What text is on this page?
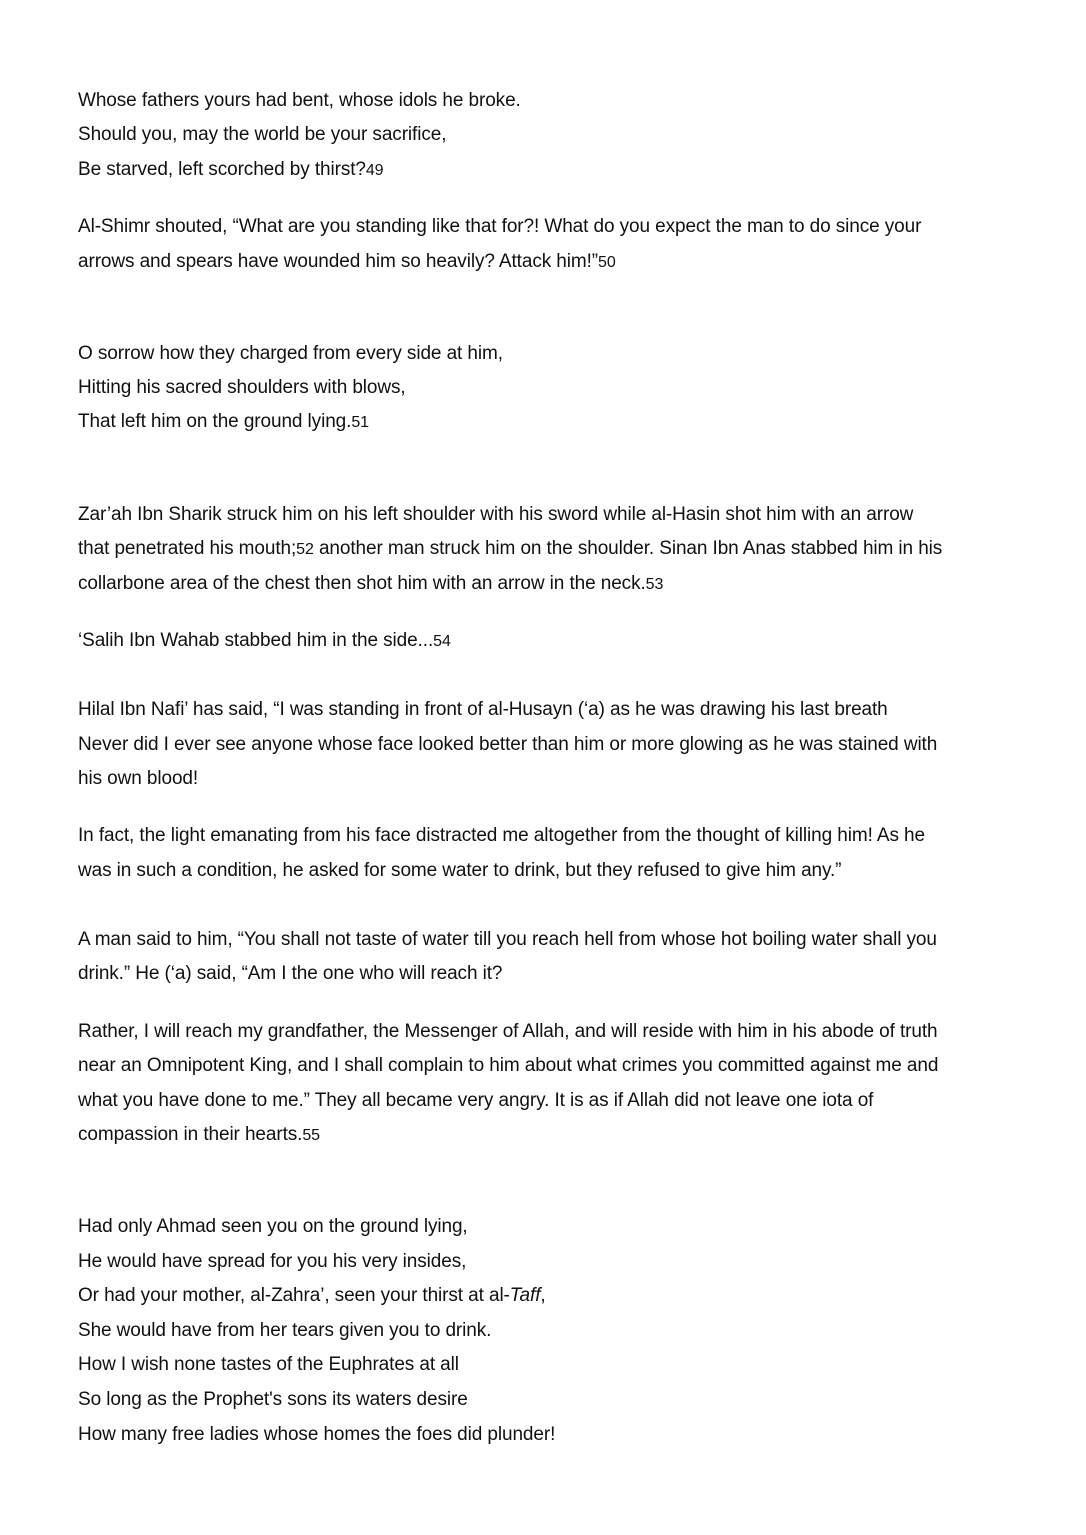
Whose fathers yours had bent, whose idols he broke.
Should you, may the world be your sacrifice,
Be starved, left scorched by thirst?49
Al-Shimr shouted, “What are you standing like that for?! What do you expect the man to do since your
arrows and spears have wounded him so heavily? Attack him!”50
O sorrow how they charged from every side at him,
Hitting his sacred shoulders with blows,
That left him on the ground lying.51
Zar’ah Ibn Sharik struck him on his left shoulder with his sword while al-Hasin shot him with an arrow
that penetrated his mouth;52 another man struck him on the shoulder. Sinan Ibn Anas stabbed him in his
collarbone area of the chest then shot him with an arrow in the neck.53
‘Salih Ibn Wahab stabbed him in the side...54
Hilal Ibn Nafi’ has said, “I was standing in front of al-Husayn (‘a) as he was drawing his last breath
Never did I ever see anyone whose face looked better than him or more glowing as he was stained with
his own blood!
In fact, the light emanating from his face distracted me altogether from the thought of killing him! As he
was in such a condition, he asked for some water to drink, but they refused to give him any.”
A man said to him, “You shall not taste of water till you reach hell from whose hot boiling water shall you
drink.” He (‘a) said, “Am I the one who will reach it?
Rather, I will reach my grandfather, the Messenger of Allah, and will reside with him in his abode of truth
near an Omnipotent King, and I shall complain to him about what crimes you committed against me and
what you have done to me.” They all became very angry. It is as if Allah did not leave one iota of
compassion in their hearts.55
Had only Ahmad seen you on the ground lying,
He would have spread for you his very insides,
Or had your mother, al-Zahra’, seen your thirst at al-Taff,
She would have from her tears given you to drink.
How I wish none tastes of the Euphrates at all
So long as the Prophet's sons its waters desire
How many free ladies whose homes the foes did plunder!
